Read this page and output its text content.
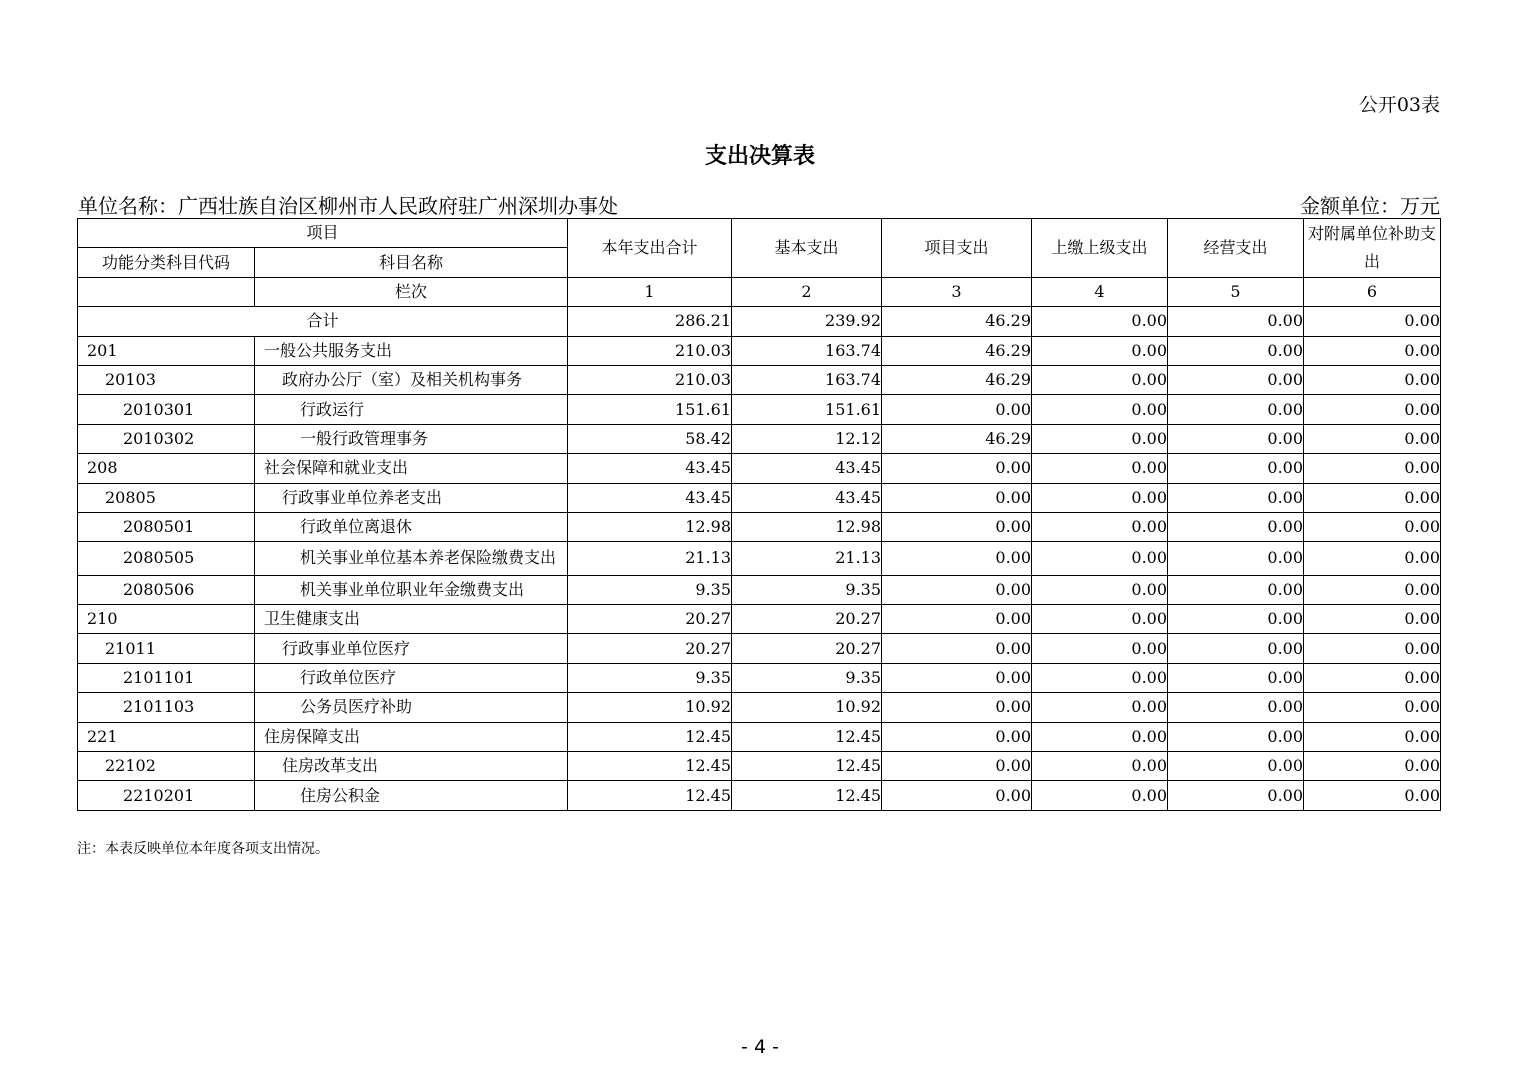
公开03表
支出决算表
单位名称：广西壮族自治区柳州市人民政府驻广州深圳办事处	金额单位：万元
项目		本年支出合计	基本支出	项目支出	上缴上级支出	经营支出	对附属单位补助支出
功能分类科目代码	科目名称						
	栏次	1	2	3	4	5	6
合计		286.21	239.92	46.29	0.00	0.00	0.00
201	一般公共服务支出	210.03	163.74	46.29	0.00	0.00	0.00
20103	政府办公厅（室）及相关机构事务	210.03	163.74	46.29	0.00	0.00	0.00
2010301	行政运行	151.61	151.61	0.00	0.00	0.00	0.00
2010302	一般行政管理事务	58.42	12.12	46.29	0.00	0.00	0.00
208	社会保障和就业支出	43.45	43.45	0.00	0.00	0.00	0.00
20805	行政事业单位养老支出	43.45	43.45	0.00	0.00	0.00	0.00
2080501	行政单位离退休	12.98	12.98	0.00	0.00	0.00	0.00
2080505	机关事业单位基本养老保险缴费支出	21.13	21.13	0.00	0.00	0.00	0.00
2080506	机关事业单位职业年金缴费支出	9.35	9.35	0.00	0.00	0.00	0.00
210	卫生健康支出	20.27	20.27	0.00	0.00	0.00	0.00
21011	行政事业单位医疗	20.27	20.27	0.00	0.00	0.00	0.00
2101101	行政单位医疗	9.35	9.35	0.00	0.00	0.00	0.00
2101103	公务员医疗补助	10.92	10.92	0.00	0.00	0.00	0.00
221	住房保障支出	12.45	12.45	0.00	0.00	0.00	0.00
22102	住房改革支出	12.45	12.45	0.00	0.00	0.00	0.00
2210201	住房公积金	12.45	12.45	0.00	0.00	0.00	0.00
注：本表反映单位本年度各项支出情况。
- 4 -
